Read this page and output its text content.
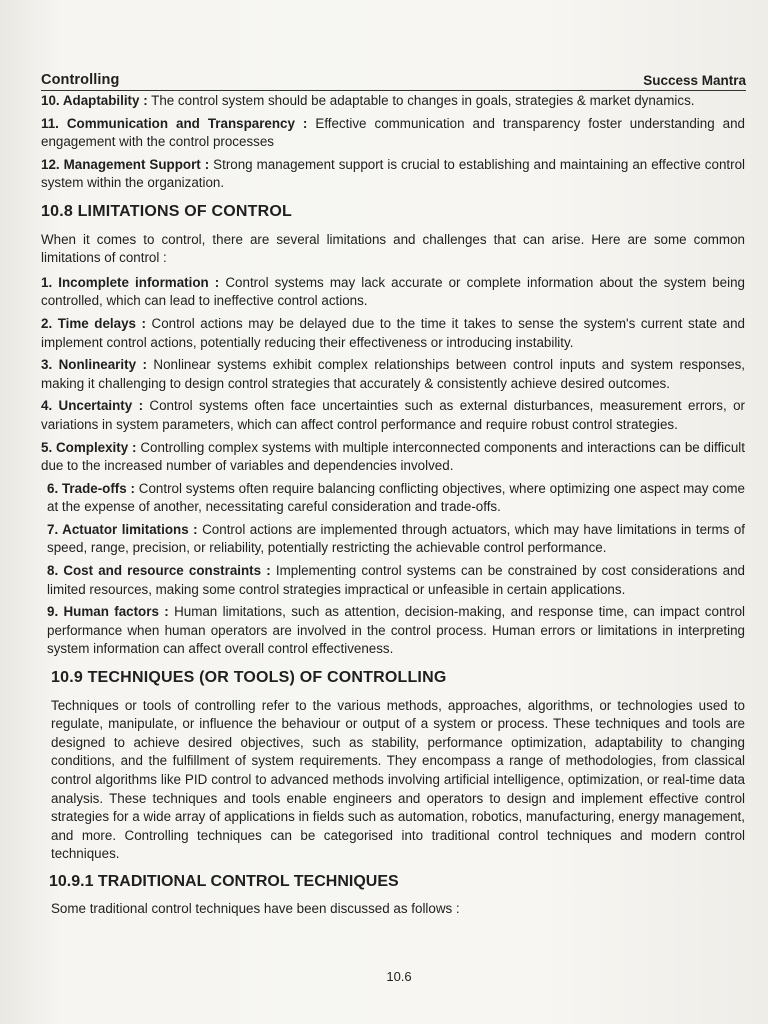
Controlling	Success Mantra

10. Adaptability : The control system should be adaptable to changes in goals, strategies & market dynamics.

11. Communication and Transparency : Effective communication and transparency foster understanding and engagement with the control processes

12. Management Support : Strong management support is crucial to establishing and maintaining an effective control system within the organization.

10.8 LIMITATIONS OF CONTROL

When it comes to control, there are several limitations and challenges that can arise. Here are some common limitations of control :

1. Incomplete information : Control systems may lack accurate or complete information about the system being controlled, which can lead to ineffective control actions.

2. Time delays : Control actions may be delayed due to the time it takes to sense the system's current state and implement control actions, potentially reducing their effectiveness or introducing instability.

3. Nonlinearity : Nonlinear systems exhibit complex relationships between control inputs and system responses, making it challenging to design control strategies that accurately & consistently achieve desired outcomes.

4. Uncertainty : Control systems often face uncertainties such as external disturbances, measurement errors, or variations in system parameters, which can affect control performance and require robust control strategies.

5. Complexity : Controlling complex systems with multiple interconnected components and interactions can be difficult due to the increased number of variables and dependencies involved.

6. Trade-offs : Control systems often require balancing conflicting objectives, where optimizing one aspect may come at the expense of another, necessitating careful consideration and trade-offs.

7. Actuator limitations : Control actions are implemented through actuators, which may have limitations in terms of speed, range, precision, or reliability, potentially restricting the achievable control performance.

8. Cost and resource constraints : Implementing control systems can be constrained by cost considerations and limited resources, making some control strategies impractical or unfeasible in certain applications.

9. Human factors : Human limitations, such as attention, decision-making, and response time, can impact control performance when human operators are involved in the control process. Human errors or limitations in interpreting system information can affect overall control effectiveness.

10.9 TECHNIQUES (OR TOOLS) OF CONTROLLING

Techniques or tools of controlling refer to the various methods, approaches, algorithms, or technologies used to regulate, manipulate, or influence the behaviour or output of a system or process. These techniques and tools are designed to achieve desired objectives, such as stability, performance optimization, adaptability to changing conditions, and the fulfillment of system requirements. They encompass a range of methodologies, from classical control algorithms like PID control to advanced methods involving artificial intelligence, optimization, or real-time data analysis. These techniques and tools enable engineers and operators to design and implement effective control strategies for a wide array of applications in fields such as automation, robotics, manufacturing, energy management, and more. Controlling techniques can be categorised into traditional control techniques and modern control techniques.

10.9.1 TRADITIONAL CONTROL TECHNIQUES

Some traditional control techniques have been discussed as follows :

10.6
